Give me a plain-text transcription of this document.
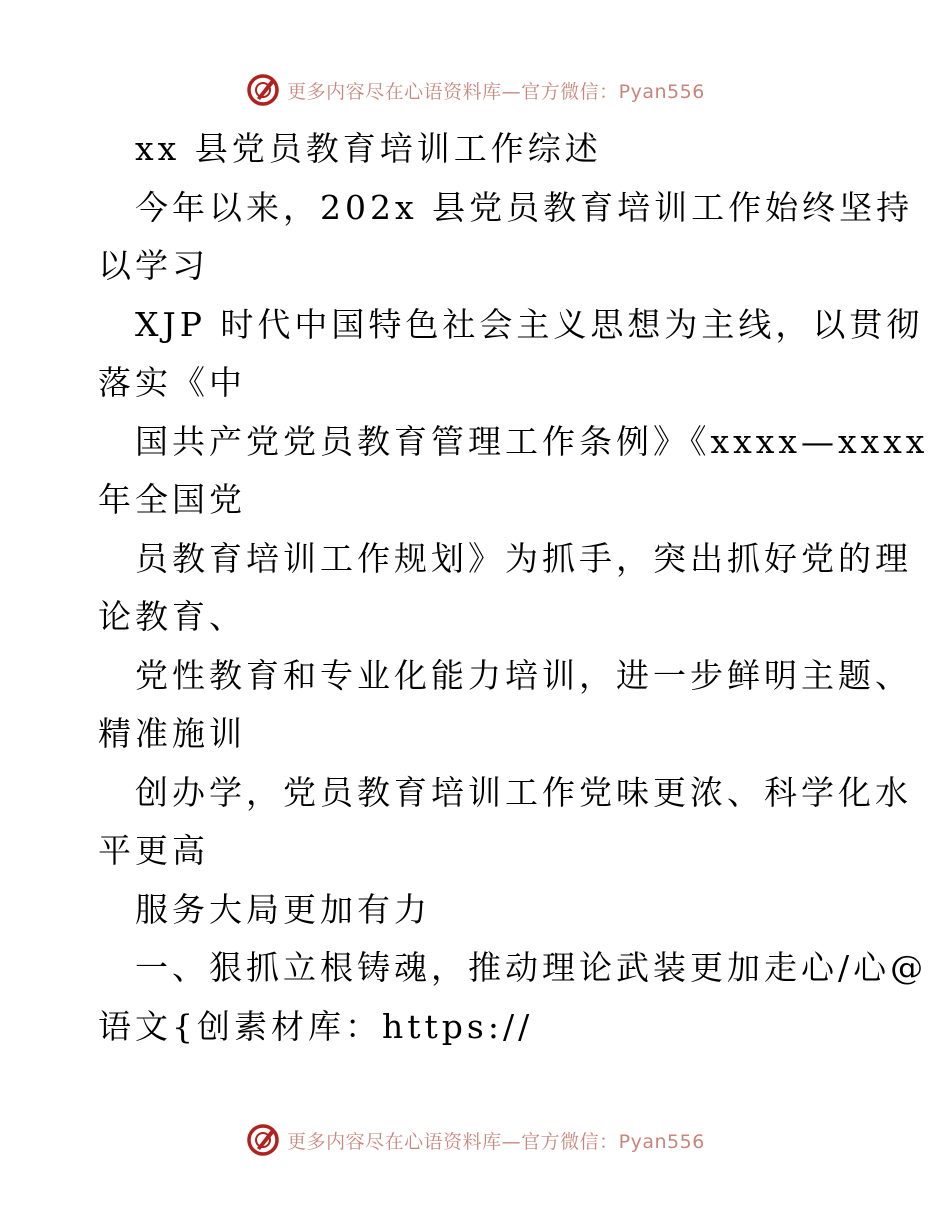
更多内容尽在心语资料库—官方微信：Pyan556
xx 县党员教育培训工作综述
今年以来，202x 县党员教育培训工作始终坚持
以学习
XJP 时代中国特色社会主义思想为主线，以贯彻
落实《中
国共产党党员教育管理工作条例》《xxxx—xxxx
年全国党
员教育培训工作规划》为抓手，突出抓好党的理
论教育、
党性教育和专业化能力培训，进一步鲜明主题、
精准施训
创办学，党员教育培训工作党味更浓、科学化水
平更高
服务大局更加有力
一、狠抓立根铸魂，推动理论武装更加走心/心@
语文{创素材库：https://
更多内容尽在心语资料库—官方微信：Pyan556
